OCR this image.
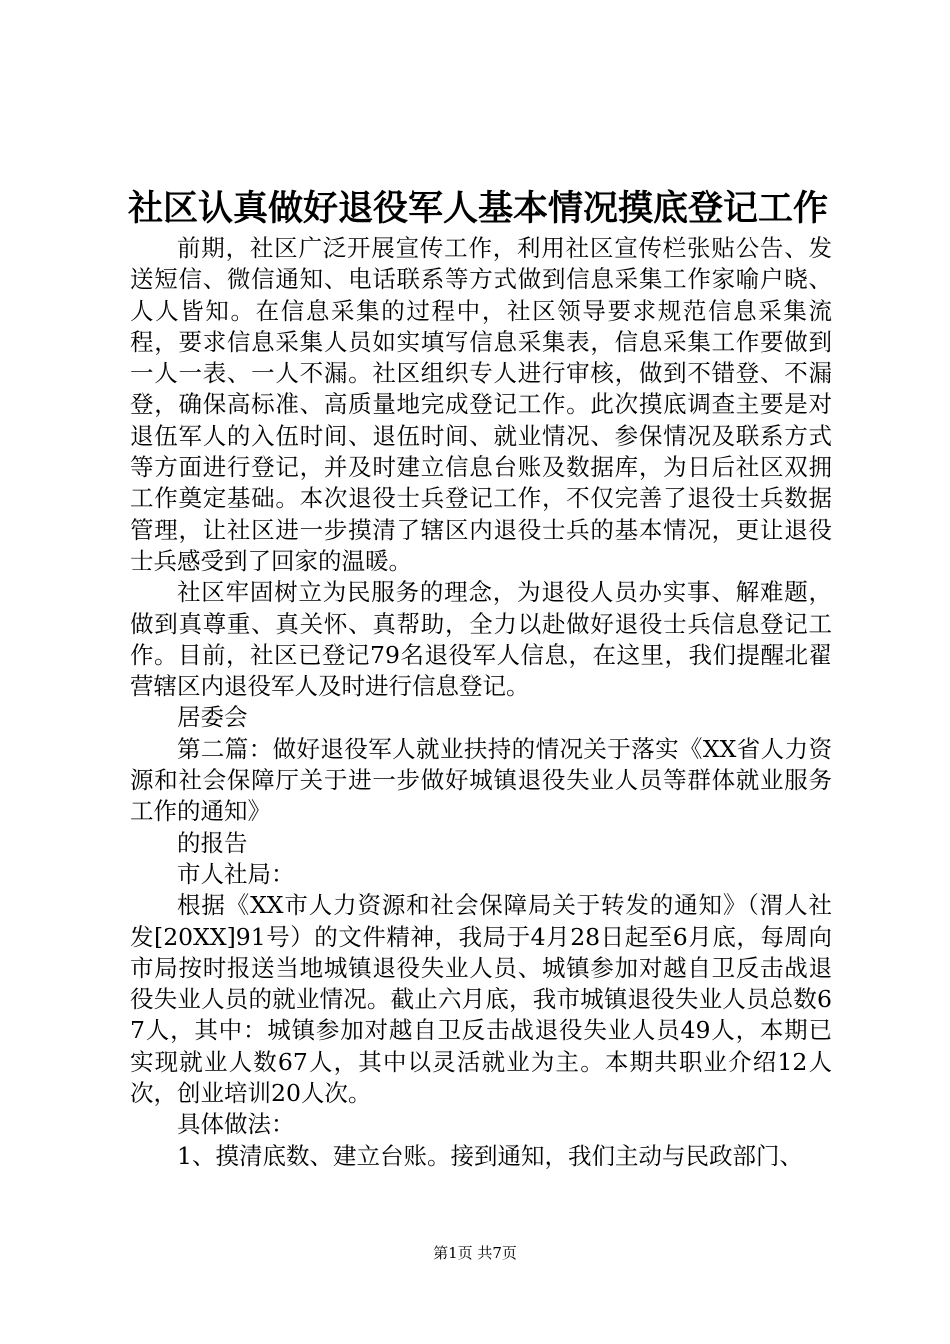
社区认真做好退役军人基本情况摸底登记工作

前期，社区广泛开展宣传工作，利用社区宣传栏张贴公告、发送短信、微信通知、电话联系等方式做到信息采集工作家喻户晓、人人皆知。在信息采集的过程中，社区领导要求规范信息采集流程，要求信息采集人员如实填写信息采集表，信息采集工作要做到一人一表、一人不漏。社区组织专人进行审核，做到不错登、不漏登，确保高标准、高质量地完成登记工作。此次摸底调查主要是对退伍军人的入伍时间、退伍时间、就业情况、参保情况及联系方式等方面进行登记，并及时建立信息台账及数据库，为日后社区双拥工作奠定基础。本次退役士兵登记工作，不仅完善了退役士兵数据管理，让社区进一步摸清了辖区内退役士兵的基本情况，更让退役士兵感受到了回家的温暖。

社区牢固树立为民服务的理念，为退役人员办实事、解难题，做到真尊重、真关怀、真帮助，全力以赴做好退役士兵信息登记工作。目前，社区已登记79名退役军人信息，在这里，我们提醒北翟营辖区内退役军人及时进行信息登记。

居委会

第二篇：做好退役军人就业扶持的情况关于落实《XX省人力资源和社会保障厅关于进一步做好城镇退役失业人员等群体就业服务工作的通知》

的报告

市人社局：

根据《XX市人力资源和社会保障局关于转发的通知》（渭人社发[20XX]91号）的文件精神，我局于4月28日起至6月底，每周向市局按时报送当地城镇退役失业人员、城镇参加对越自卫反击战退役失业人员的就业情况。截止六月底，我市城镇退役失业人员总数67人，其中：城镇参加对越自卫反击战退役失业人员49人，本期已实现就业人数67人，其中以灵活就业为主。本期共职业介绍12人次，创业培训20人次。

具体做法：

1、摸清底数、建立台账。接到通知，我们主动与民政部门、

第1页 共7页
